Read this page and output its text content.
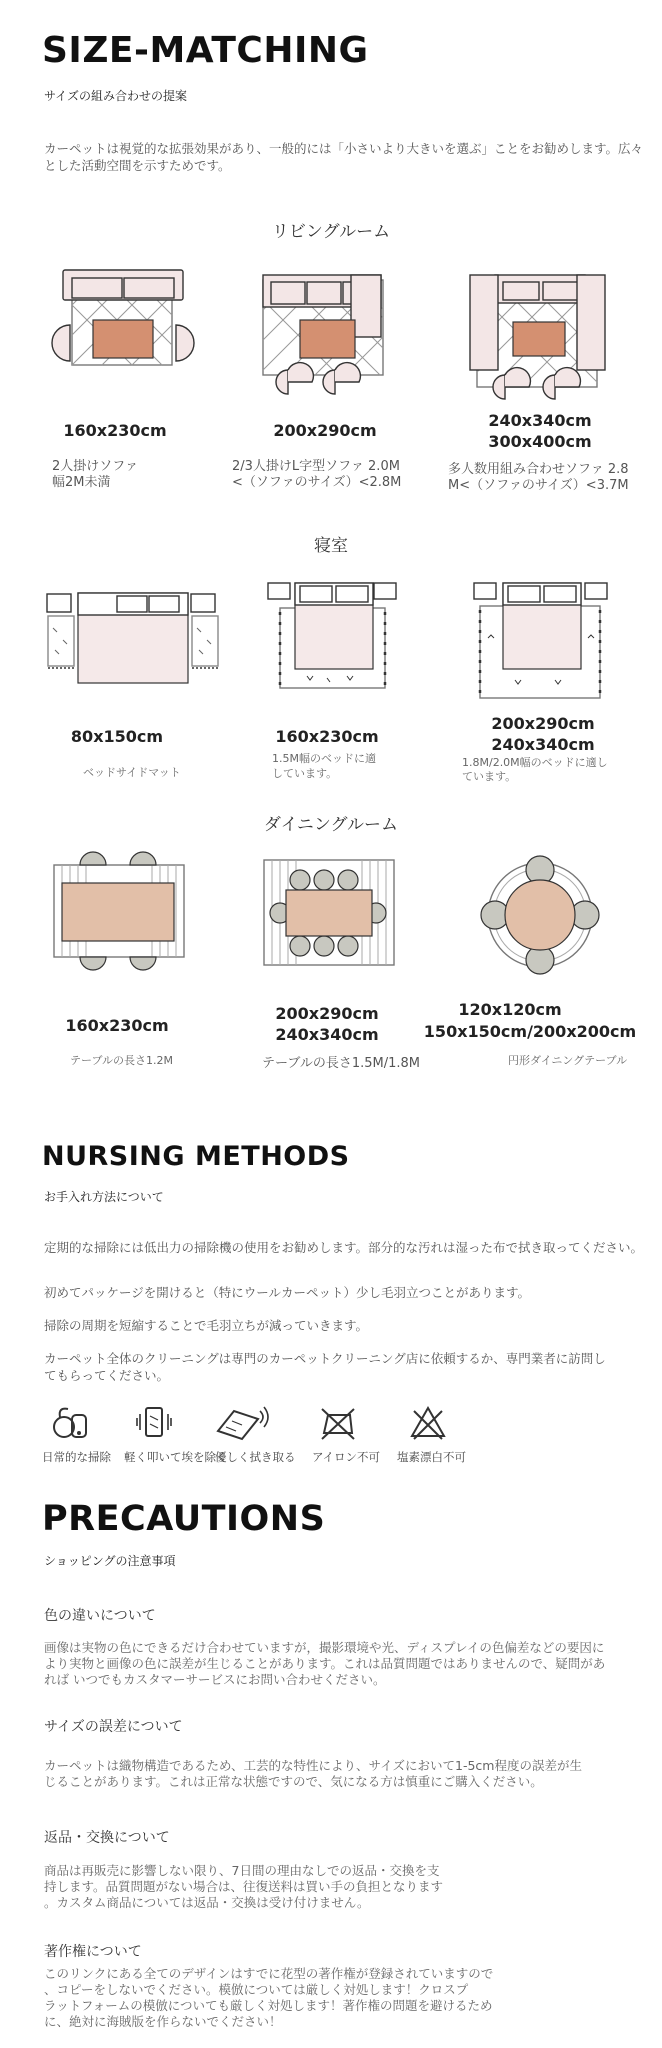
SIZE-MATCHING
サイズの組み合わせの提案
カーペットは視覚的な拡張効果があり、一般的には「小さいより大きいを選ぶ」ことをお勧めします。広々とした活動空間を示すためです。
リビングルーム
160x230cm
2人掛けソファ
幅2M未満
200x290cm
2/3人掛けL字型ソファ 2.0M
<（ソファのサイズ）<2.8M
240x340cm
300x400cm
多人数用組み合わせソファ 2.8
M<（ソファのサイズ）<3.7M
寝室
80x150cm
ベッドサイドマット
160x230cm
1.5M幅のベッドに適
しています。
200x290cm
240x340cm
1.8M/2.0M幅のベッドに適し
ています。
ダイニングルーム
160x230cm
テーブルの長さ1.2M
200x290cm
240x340cm
テーブルの長さ1.5M/1.8M
120x120cm
150x150cm/200x200cm
円形ダイニングテーブル
NURSING METHODS
お手入れ方法について
定期的な掃除には低出力の掃除機の使用をお勧めします。部分的な汚れは湿った布で拭き取ってください。
初めてパッケージを開けると（特にウールカーペット）少し毛羽立つことがあります。
掃除の周期を短縮することで毛羽立ちが減っていきます。
カーペット全体のクリーニングは専門のカーペットクリーニング店に依頼するか、専門業者に訪問し
てもらってください。
日常的な掃除 軽く叩いて埃を除く
優しく拭き取る アイロン不可 塩素漂白不可
PRECAUTIONS
ショッピングの注意事項
色の違いについて
画像は実物の色にできるだけ合わせていますが，撮影環境や光、ディスプレイの色偏差などの要因に
より実物と画像の色に誤差が生じることがあります。これは品質問題ではありませんので、疑問があ
れば いつでもカスタマーサービスにお問い合わせください。
サイズの誤差について
カーペットは織物構造であるため、工芸的な特性により、サイズにおいて1-5cm程度の誤差が生
じることがあります。これは正常な状態ですので、気になる方は慎重にご購入ください。
返品・交換について
商品は再販売に影響しない限り、7日間の理由なしでの返品・交換を支
持します。品質問題がない場合は、往復送料は買い手の負担となります
。カスタム商品については返品・交換は受け付けません。
著作権について
このリンクにある全てのデザインはすでに花型の著作権が登録されていますので
、コピーをしないでください。模倣については厳しく対処します！クロスプ
ラットフォームの模倣についても厳しく対処します！著作権の問題を避けるため
に、絶対に海賊版を作らないでください！
